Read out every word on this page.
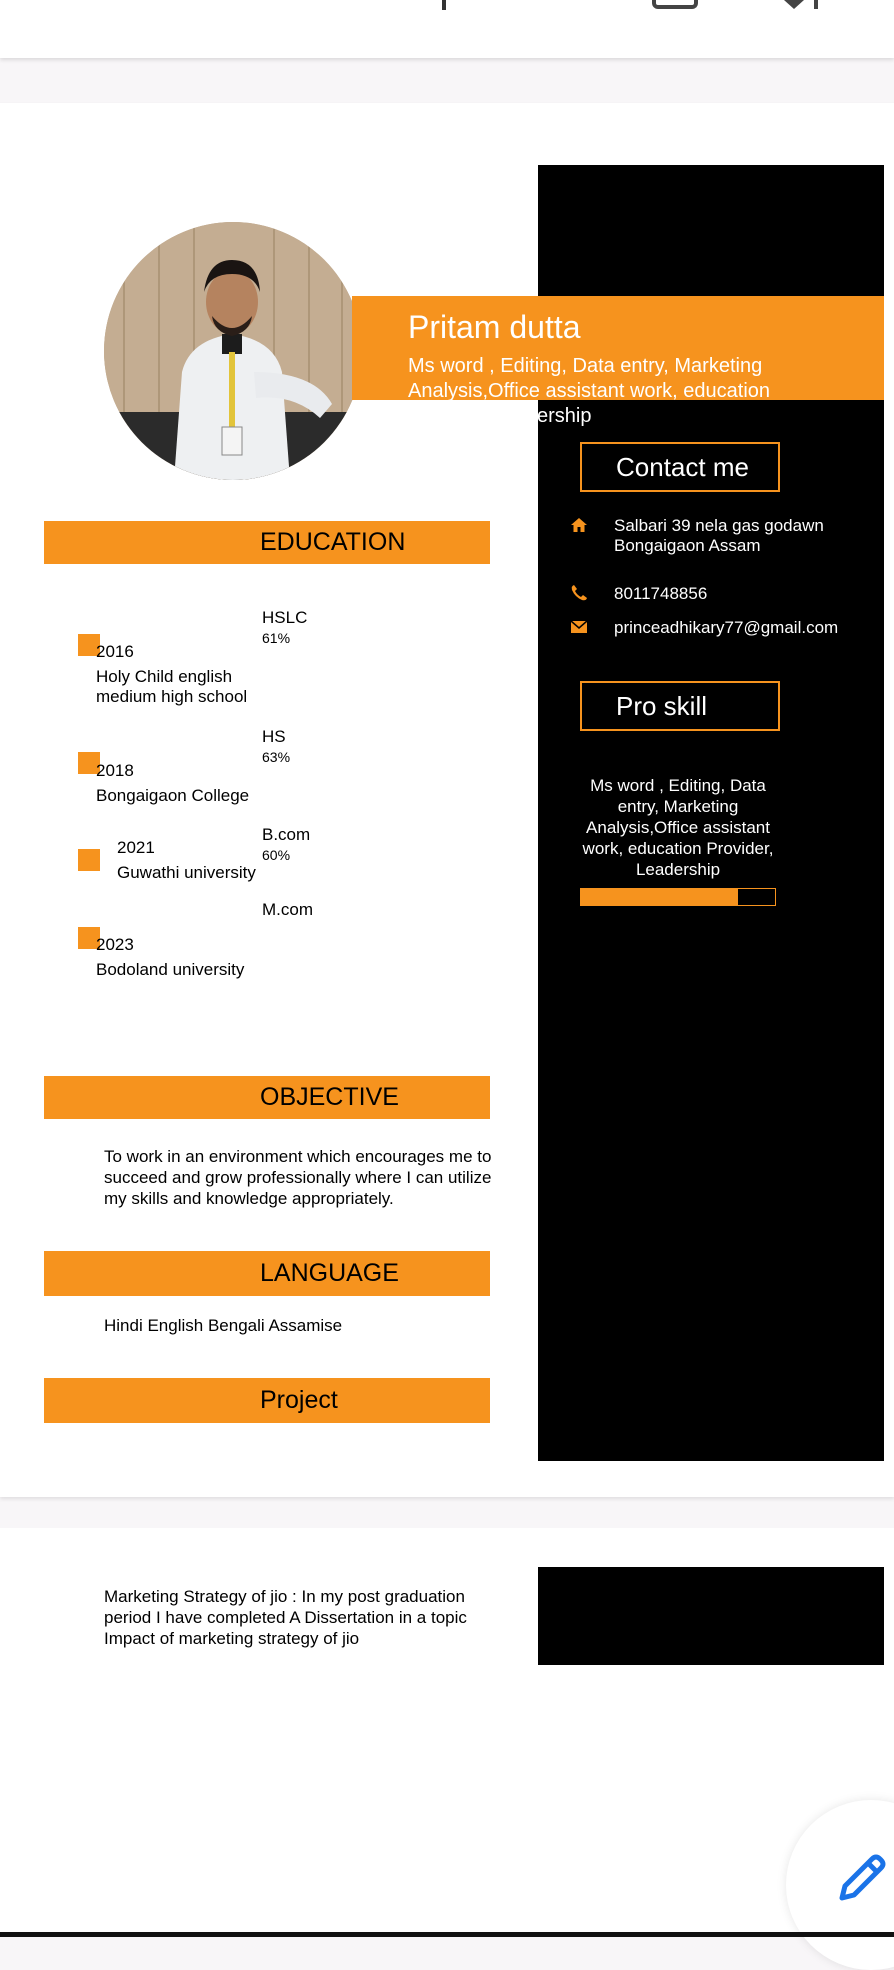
Pritam dutta
Ms word , Editing, Data entry, Marketing Analysis,Office assistant work, education Provider, Leadership
Contact me
Salbari 39 nela gas godawn
Bongaigaon Assam
8011748856
princeadhikary77@gmail.com
Pro skill
Ms word , Editing, Data entry, Marketing Analysis,Office assistant work, education Provider, Leadership
EDUCATION
HSLC
61%
2016
Holy Child english medium high school
HS
63%
2018
Bongaigaon College
B.com
60%
2021
Guwathi university
M.com
2023
Bodoland university
OBJECTIVE
To work in an environment which encourages me to succeed and grow professionally where I can utilize my skills and knowledge appropriately.
LANGUAGE
Hindi English Bengali Assamise
Project
Marketing Strategy of jio : In my post graduation period I have completed A Dissertation in a topic Impact of marketing strategy of jio
